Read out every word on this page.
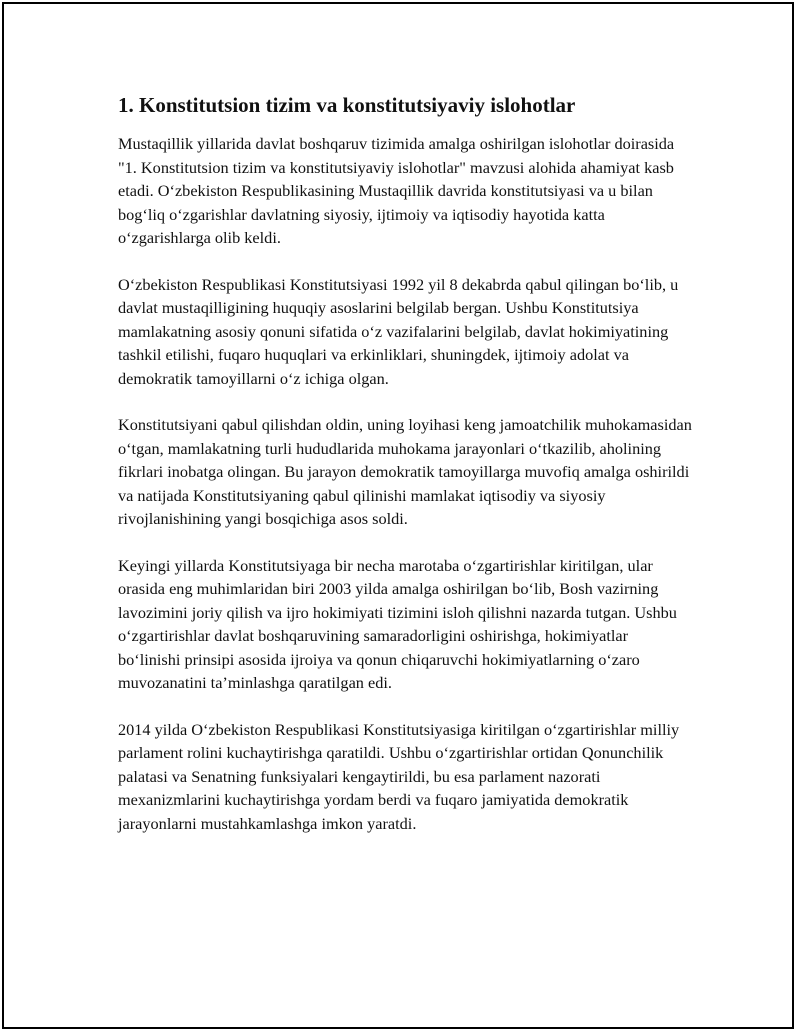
1. Konstitutsion tizim va konstitutsiyaviy islohotlar

Mustaqillik yillarida davlat boshqaruv tizimida amalga oshirilgan islohotlar doirasida "1. Konstitutsion tizim va konstitutsiyaviy islohotlar" mavzusi alohida ahamiyat kasb etadi. O‘zbekiston Respublikasining Mustaqillik davrida konstitutsiyasi va u bilan bog‘liq o‘zgarishlar davlatning siyosiy, ijtimoiy va iqtisodiy hayotida katta o‘zgarishlarga olib keldi.

O‘zbekiston Respublikasi Konstitutsiyasi 1992 yil 8 dekabrda qabul qilingan bo‘lib, u davlat mustaqilligining huquqiy asoslarini belgilab bergan. Ushbu Konstitutsiya mamlakatning asosiy qonuni sifatida o‘z vazifalarini belgilab, davlat hokimiyatining tashkil etilishi, fuqaro huquqlari va erkinliklari, shuningdek, ijtimoiy adolat va demokratik tamoyillarni o‘z ichiga olgan.

Konstitutsiyani qabul qilishdan oldin, uning loyihasi keng jamoatchilik muhokamasidan o‘tgan, mamlakatning turli hududlarida muhokama jarayonlari o‘tkazilib, aholining fikrlari inobatga olingan. Bu jarayon demokratik tamoyillarga muvofiq amalga oshirildi va natijada Konstitutsiyaning qabul qilinishi mamlakat iqtisodiy va siyosiy rivojlanishining yangi bosqichiga asos soldi.

Keyingi yillarda Konstitutsiyaga bir necha marotaba o‘zgartirishlar kiritilgan, ular orasida eng muhimlaridan biri 2003 yilda amalga oshirilgan bo‘lib, Bosh vazirning lavozimini joriy qilish va ijro hokimiyati tizimini isloh qilishni nazarda tutgan. Ushbu o‘zgartirishlar davlat boshqaruvining samaradorligini oshirishga, hokimiyatlar bo‘linishi prinsipi asosida ijroiya va qonun chiqaruvchi hokimiyatlarning o‘zaro muvozanatini ta’minlashga qaratilgan edi.

2014 yilda O‘zbekiston Respublikasi Konstitutsiyasiga kiritilgan o‘zgartirishlar milliy parlament rolini kuchaytirishga qaratildi. Ushbu o‘zgartirishlar ortidan Qonunchilik palatasi va Senatning funksiyalari kengaytirildi, bu esa parlament nazorati mexanizmlarini kuchaytirishga yordam berdi va fuqaro jamiyatida demokratik jarayonlarni mustahkamlashga imkon yaratdi.
